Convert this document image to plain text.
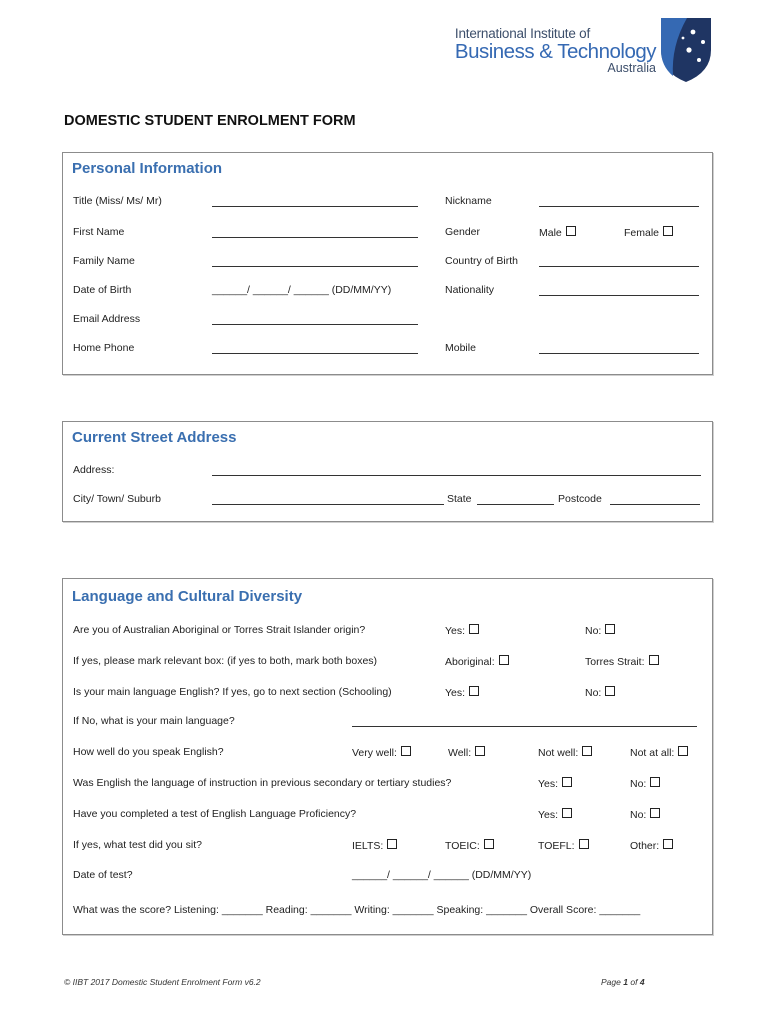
International Institute of
Business & Technology
Australia
DOMESTIC STUDENT ENROLMENT FORM
Personal Information
Title (Miss/ Ms/ Mr)	Nickname
First Name	Gender	Male	Female
Family Name	Country of Birth
Date of Birth	______/ ______/ ______ (DD/MM/YY)	Nationality
Email Address
Home Phone	Mobile
Current Street Address
Address:
City/ Town/ Suburb	State	Postcode
Language and Cultural Diversity
Are you of Australian Aboriginal or Torres Strait Islander origin?	Yes:	No:
If yes, please mark relevant box: (if yes to both, mark both boxes)	Aboriginal:	Torres Strait:
Is your main language English? If yes, go to next section (Schooling)	Yes:	No:
If No, what is your main language?
How well do you speak English?	Very well:	Well:	Not well:	Not at all:
Was English the language of instruction in previous secondary or tertiary studies?	Yes:	No:
Have you completed a test of English Language Proficiency?	Yes:	No:
If yes, what test did you sit?	IELTS:	TOEIC:	TOEFL:	Other:
Date of test?	______/ ______/ ______ (DD/MM/YY)
What was the score? Listening: _______ Reading: _______ Writing: _______ Speaking: _______ Overall Score: _______
© IIBT 2017 Domestic Student Enrolment Form v6.2	Page 1 of 4
